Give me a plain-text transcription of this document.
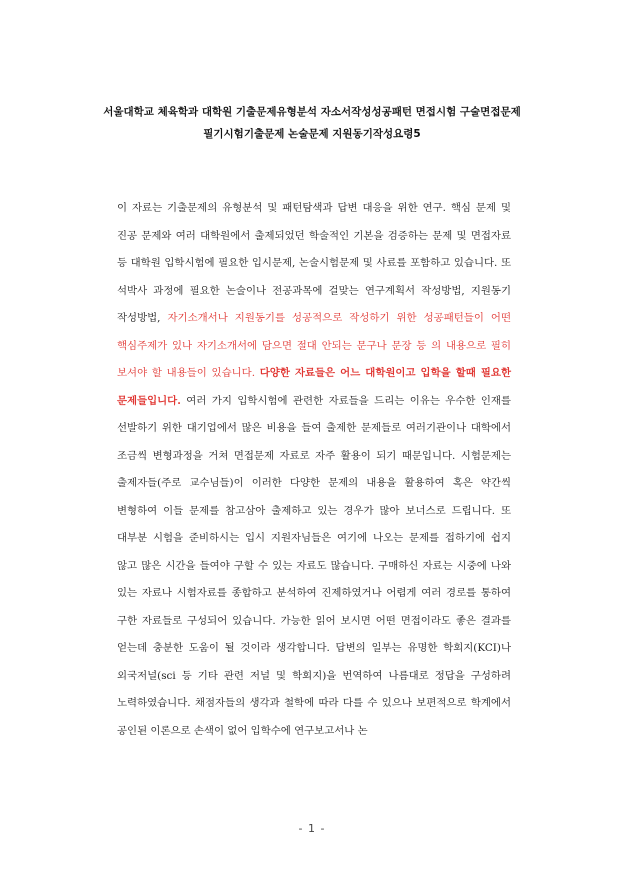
서울대학교 체육학과 대학원 기출문제유형분석 자소서작성성공패턴 면접시험 구술면접문제
필기시험기출문제 논술문제 지원동기작성요령5
이 자료는 기출문제의 유형분석 및 패턴탐색과 답변 대응을 위한 연구. 핵심 문제 및 진공 문제와 여러 대학원에서 출제되었던 학술적인 기본을 검증하는 문제 및 면접자료 등 대학원 입학시험에 필요한 입시문제, 논술시험문제 및 사료를 포함하고 있습니다. 또 석박사 과정에 필요한 논술이나 전공과목에 걸맞는 연구계획서 작성방법, 지원동기 작성방법, 자기소개서나 지원동기를 성공적으로 작성하기 위한 성공패턴들이 어떤 핵심주제가 있나 자기소개서에 담으면 절대 안되는 문구나 문장 등 의 내용으로 필히 보셔야 할 내용들이 있습니다. 다양한 자료들은 어느 대학원이고 입학을 할때 필요한 문제들입니다. 여러 가지 입학시험에 관련한 자료들을 드리는 이유는 우수한 인재를 선발하기 위한 대기업에서 많은 비용을 들여 출제한 문제들로 여러기관이나 대학에서 조금씩 변형과정을 거쳐 면접문제 자료로 자주 활용이 되기 때문입니다. 시험문제는 출제자들(주로 교수님들)이 이러한 다양한 문제의 내용을 활용하여 혹은 약간씩 변형하여 이들 문제를 참고삼아 출제하고 있는 경우가 많아 보너스로 드립니다. 또 대부분 시험을 준비하시는 입시 지원자님들은 여기에 나오는 문제를 접하기에 쉽지 않고 많은 시간을 들여야 구할 수 있는 자료도 많습니다. 구매하신 자료는 시중에 나와 있는 자료나 시험자료를 종합하고 분석하여 진제하였거나 어렵게 여러 경로를 통하여 구한 자료들로 구성되어 있습니다. 가능한 읽어 보시면 어떤 면접이라도 좋은 결과를 얻는데 충분한 도움이 될 것이라 생각합니다. 답변의 일부는 유명한 학회지(KCI)나 외국저널(sci 등 기타 관련 저널 및 학회지)을 번역하여 나름대로 정답을 구성하려 노력하였습니다. 채점자들의 생각과 철학에 따라 다를 수 있으나 보편적으로 학계에서 공인된 이론으로 손색이 없어 입학수에 연구보고서나 논
- 1 -
